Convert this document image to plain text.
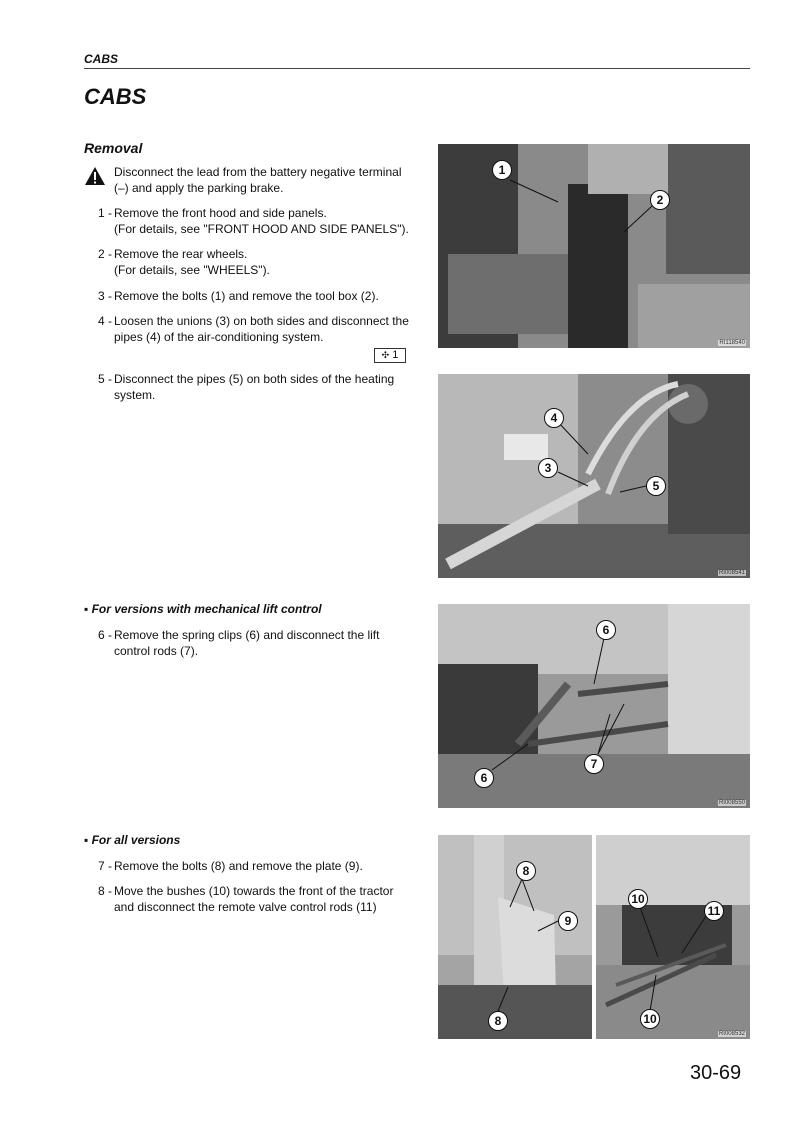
CABS
CABS
Removal
Disconnect the lead from the battery negative terminal (–) and apply the parking brake.
1 - Remove the front hood and side panels.
(For details, see "FRONT HOOD AND SIDE PANELS").
2 - Remove the rear wheels.
(For details, see "WHEELS").
3 - Remove the bolts (1) and remove the tool box (2).
4 - Loosen the unions (3) on both sides and disconnect the pipes (4) of the air-conditioning system.
✣ 1
5 - Disconnect the pipes (5) on both sides of the heating system.
▪ For versions with mechanical lift control
6 - Remove the spring clips (6) and disconnect the lift control rods (7).
▪ For all versions
7 - Remove the bolts (8) and remove the plate (9).
8 - Move the bushes (10) towards the front of the tractor and disconnect the remote valve control rods (11)
1
2
RI118540
4
3
5
RI008541
6
6
7
RI008550
8
9
8
10
11
10
RI008532
30-69
